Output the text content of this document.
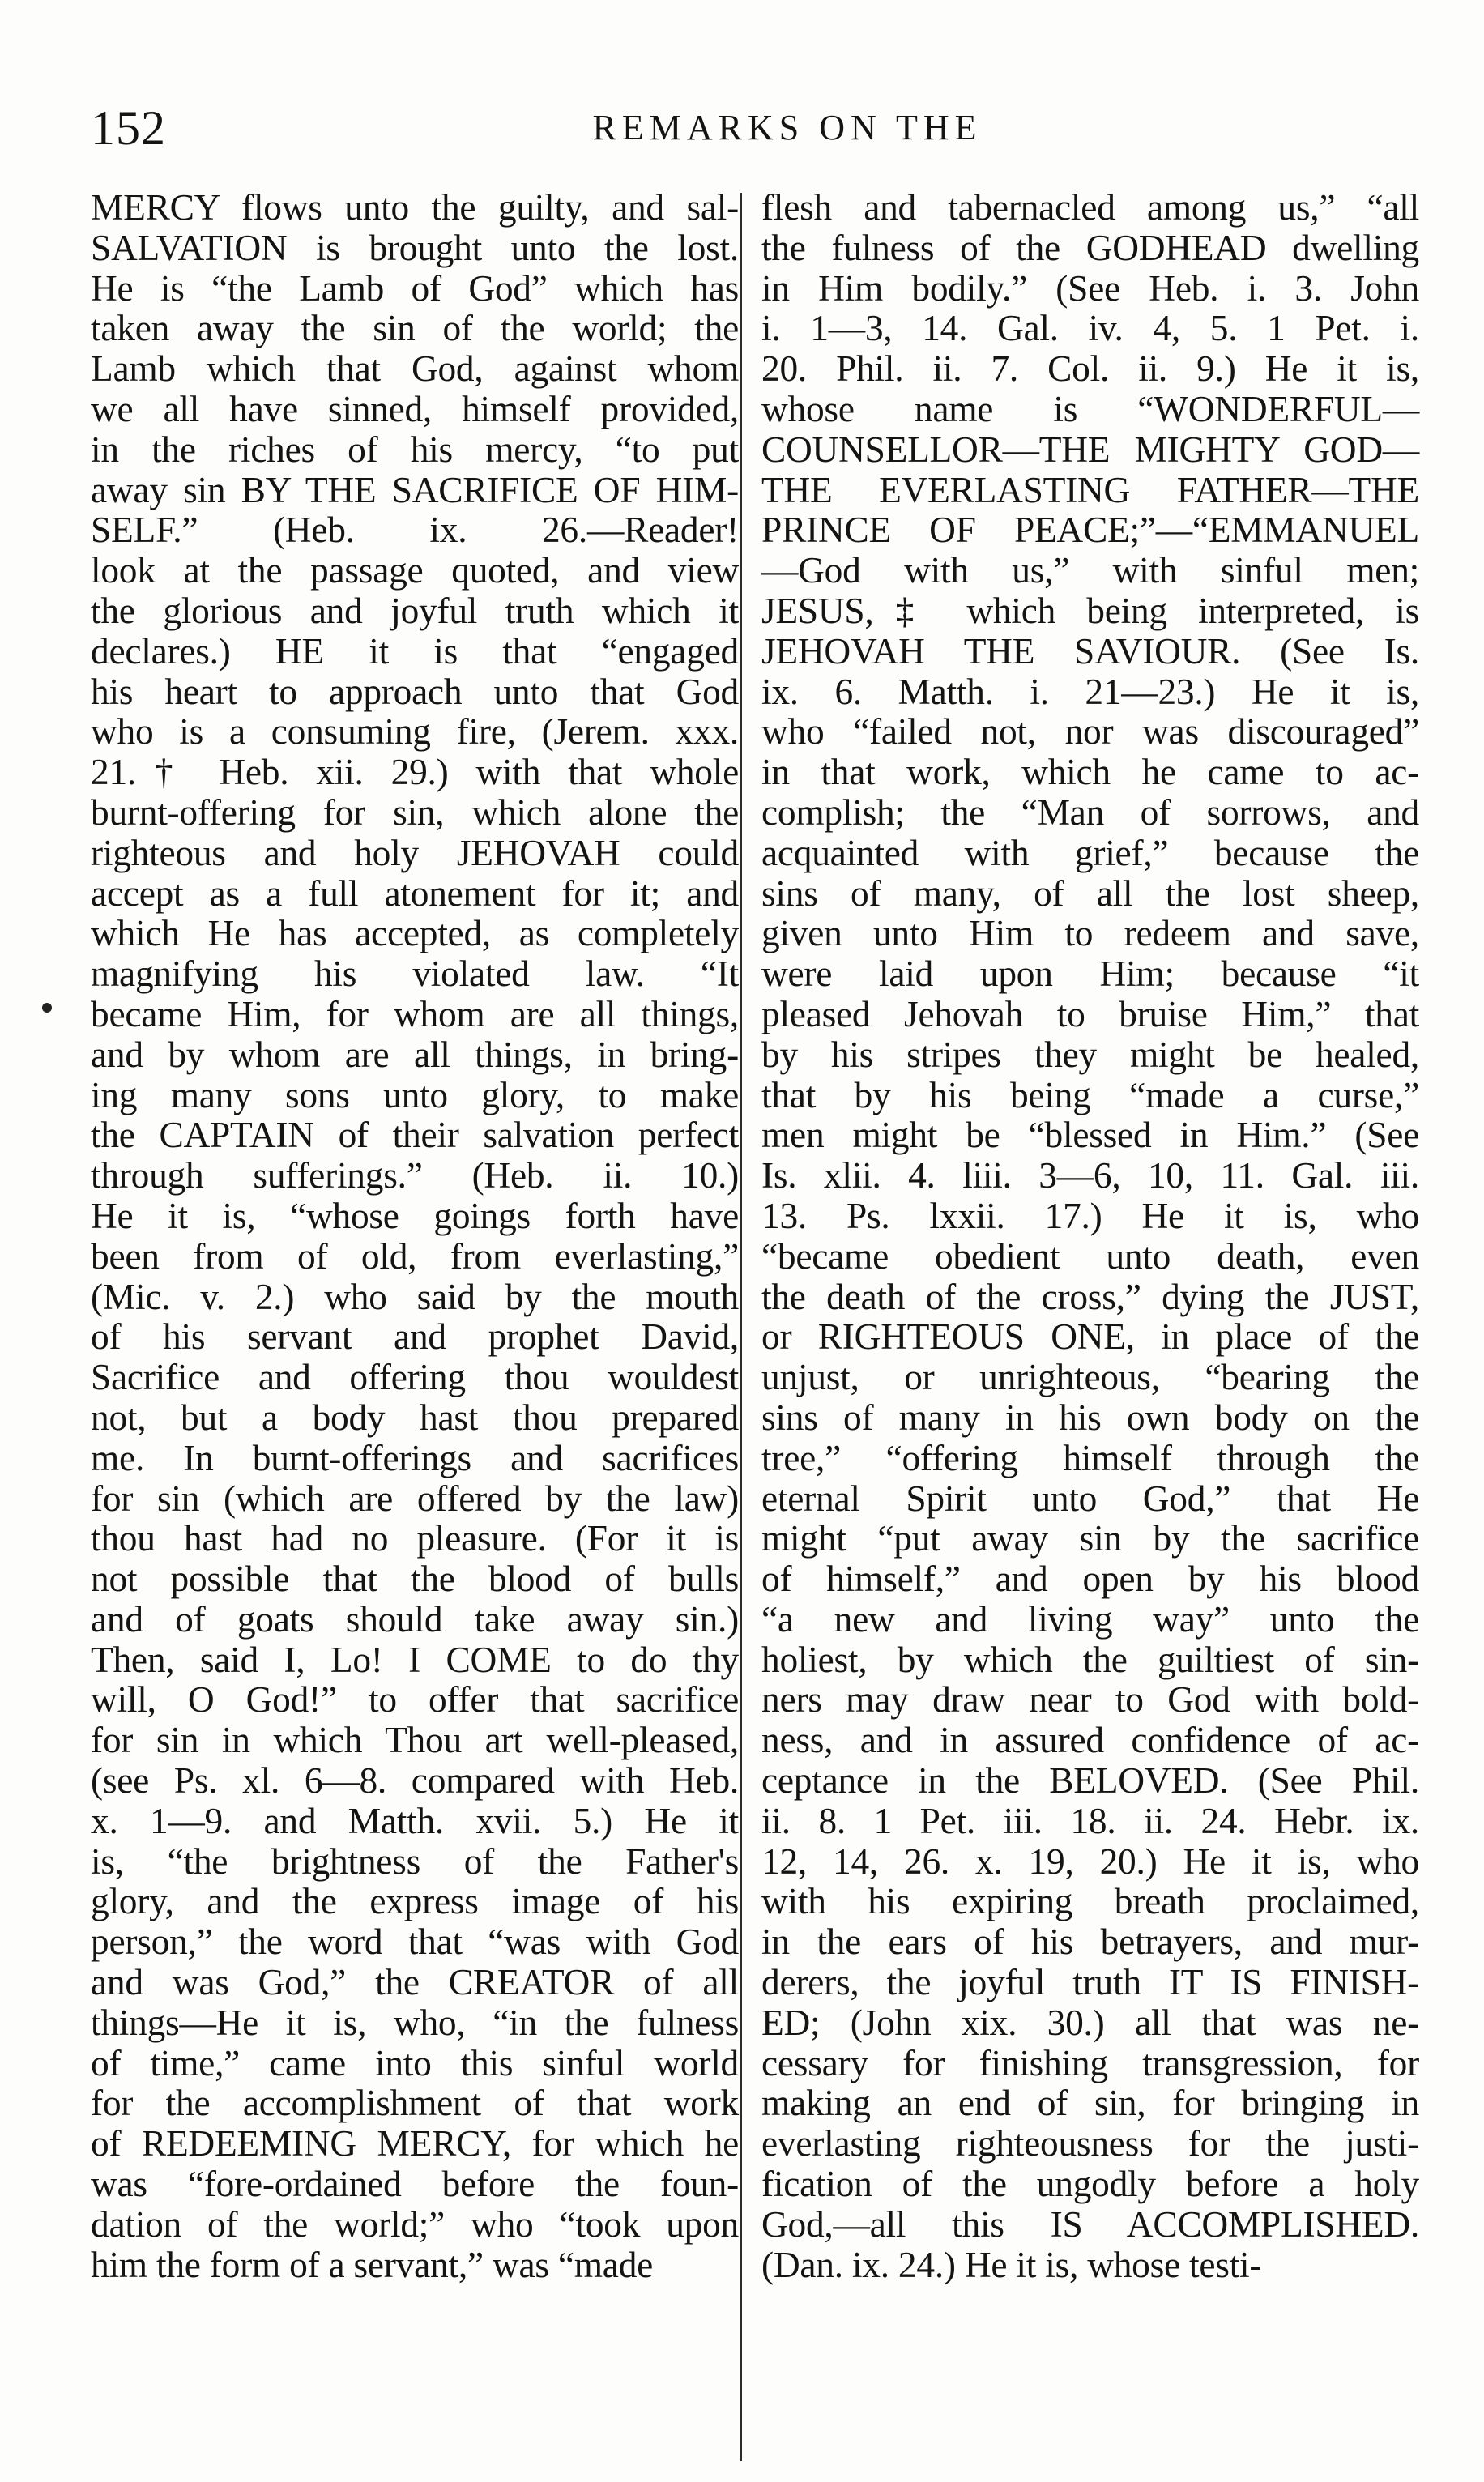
152	REMARKS ON THE
MERCY flows unto the guilty, and sal-
SALVATION is brought unto the lost.
He is “the Lamb of God” which has
taken away the sin of the world; the
Lamb which that God, against whom
we all have sinned, himself provided,
in the riches of his mercy, “to put
away sin BY THE SACRIFICE OF HIM-
SELF.” (Heb. ix. 26.—Reader!
look at the passage quoted, and view
the glorious and joyful truth which it
declares.) HE it is that “engaged
his heart to approach unto that God
who is a consuming fire, (Jerem. xxx.
21.† Heb. xii. 29.) with that whole
burnt-offering for sin, which alone the
righteous and holy JEHOVAH could
accept as a full atonement for it; and
which He has accepted, as completely
magnifying his violated law. “It
became Him, for whom are all things,
and by whom are all things, in bring-
ing many sons unto glory, to make
the CAPTAIN of their salvation perfect
through sufferings.” (Heb. ii. 10.)
He it is, “whose goings forth have
been from of old, from everlasting,”
(Mic. v. 2.) who said by the mouth
of his servant and prophet David,
Sacrifice and offering thou wouldest
not, but a body hast thou prepared
me. In burnt-offerings and sacrifices
for sin (which are offered by the law)
thou hast had no pleasure. (For it is
not possible that the blood of bulls
and of goats should take away sin.)
Then, said I, Lo! I COME to do thy
will, O God!” to offer that sacrifice
for sin in which Thou art well-pleased,
(see Ps. xl. 6—8. compared with Heb.
x. 1—9. and Matth. xvii. 5.) He it
is, “the brightness of the Father's
glory, and the express image of his
person,” the word that “was with God
and was God,” the CREATOR of all
things—He it is, who, “in the fulness
of time,” came into this sinful world
for the accomplishment of that work
of REDEEMING MERCY, for which he
was “fore-ordained before the foun-
dation of the world;” who “took upon
him the form of a servant,” was “made
flesh and tabernacled among us,” “all
the fulness of the GODHEAD dwelling
in Him bodily.” (See Heb. i. 3. John
i. 1—3, 14. Gal. iv. 4, 5. 1 Pet. i.
20. Phil. ii. 7. Col. ii. 9.) He it is,
whose name is “WONDERFUL—
COUNSELLOR—THE MIGHTY GOD—
THE EVERLASTING FATHER—THE
PRINCE OF PEACE;”—“EMMANUEL
—God with us,” with sinful men;
JESUS,‡ which being interpreted, is
JEHOVAH THE SAVIOUR. (See Is.
ix. 6. Matth. i. 21—23.) He it is,
who “failed not, nor was discouraged”
in that work, which he came to ac-
complish; the “Man of sorrows, and
acquainted with grief,” because the
sins of many, of all the lost sheep,
given unto Him to redeem and save,
were laid upon Him; because “it
pleased Jehovah to bruise Him,” that
by his stripes they might be healed,
that by his being “made a curse,”
men might be “blessed in Him.” (See
Is. xlii. 4. liii. 3—6, 10, 11. Gal. iii.
13. Ps. lxxii. 17.) He it is, who
“became obedient unto death, even
the death of the cross,” dying the JUST,
or RIGHTEOUS ONE, in place of the
unjust, or unrighteous, “bearing the
sins of many in his own body on the
tree,” “offering himself through the
eternal Spirit unto God,” that He
might “put away sin by the sacrifice
of himself,” and open by his blood
“a new and living way” unto the
holiest, by which the guiltiest of sin-
ners may draw near to God with bold-
ness, and in assured confidence of ac-
ceptance in the BELOVED. (See Phil.
ii. 8. 1 Pet. iii. 18. ii. 24. Hebr. ix.
12, 14, 26. x. 19, 20.) He it is, who
with his expiring breath proclaimed,
in the ears of his betrayers, and mur-
derers, the joyful truth IT IS FINISH-
ED; (John xix. 30.) all that was ne-
cessary for finishing transgression, for
making an end of sin, for bringing in
everlasting righteousness for the justi-
fication of the ungodly before a holy
God,—all this IS ACCOMPLISHED.
(Dan. ix. 24.) He it is, whose testi-
